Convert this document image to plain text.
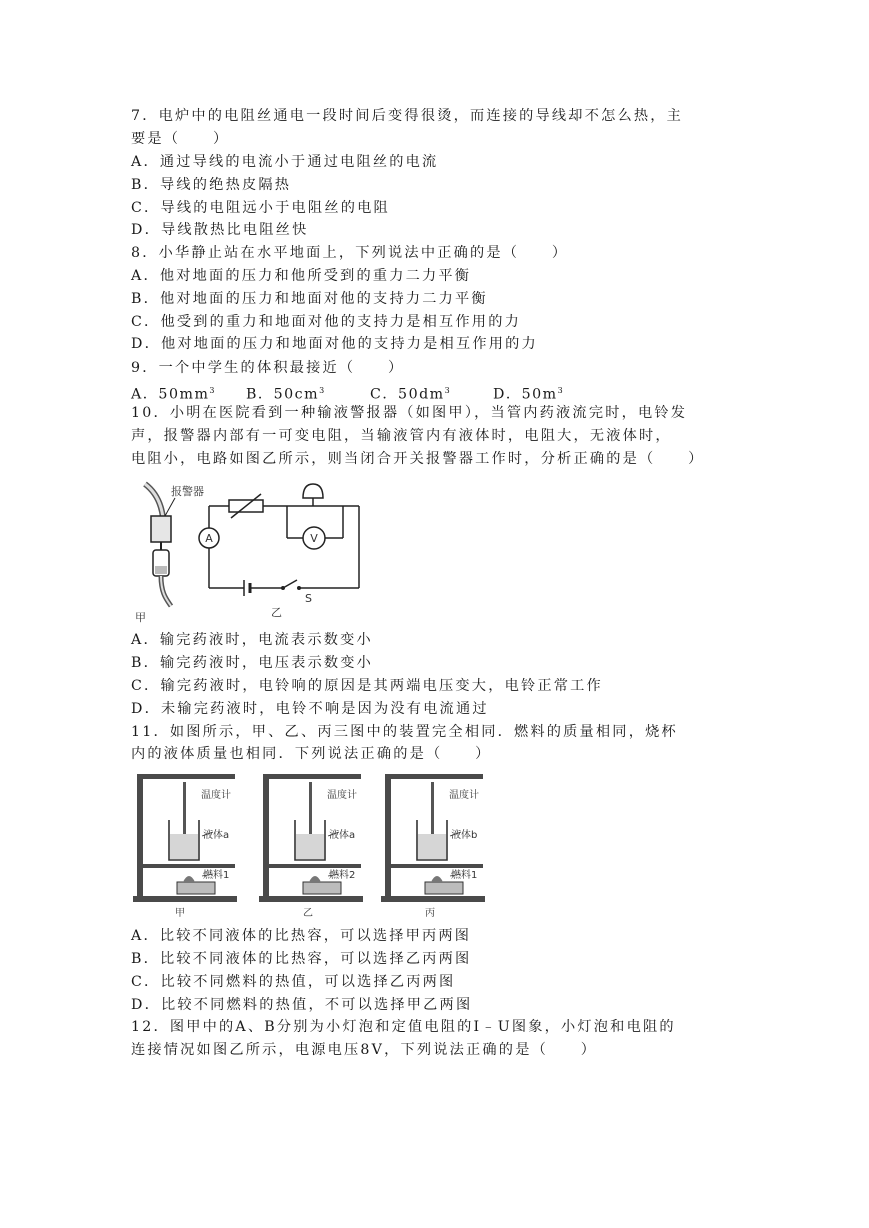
7．电炉中的电阻丝通电一段时间后变得很烫，而连接的导线却不怎么热，主
要是（　　）
A．通过导线的电流小于通过电阻丝的电流
B．导线的绝热皮隔热
C．导线的电阻远小于电阻丝的电阻
D．导线散热比电阻丝快
8．小华静止站在水平地面上，下列说法中正确的是（　　）
A．他对地面的压力和他所受到的重力二力平衡
B．他对地面的压力和地面对他的支持力二力平衡
C．他受到的重力和地面对他的支持力是相互作用的力
D．他对地面的压力和地面对他的支持力是相互作用的力
9．一个中学生的体积最接近（　　）
A．$50mm^3$ B．$50cm^3$	C．$50dm^3$	D．$50m^3$
10．小明在医院看到一种输液警报器（如图甲），当管内药液流完时，电铃发
声，报警器内部有一可变电阻，当输液管内有液体时，电阻大，无液体时，
电阻小，电路如图乙所示，则当闭合开关报警器工作时，分析正确的是（　　）
报警器
甲
V
A
S
乙
A．输完药液时，电流表示数变小
B．输完药液时，电压表示数变小
C．输完药液时，电铃响的原因是其两端电压变大，电铃正常工作
D．未输完药液时，电铃不响是因为没有电流通过
11．如图所示，甲、乙、丙三图中的装置完全相同．燃料的质量相同，烧杯
内的液体质量也相同．下列说法正确的是（　　）
温度计
液体a
燃料1
甲
温度计
液体a
燃料2
乙
温度计
液体b
燃料1
丙
A．比较不同液体的比热容，可以选择甲丙两图
B．比较不同液体的比热容，可以选择乙丙两图
C．比较不同燃料的热值，可以选择乙丙两图
D．比较不同燃料的热值，不可以选择甲乙两图
12．图甲中的A、B分别为小灯泡和定值电阻的I﹣U图象，小灯泡和电阻的
连接情况如图乙所示，电源电压8V，下列说法正确的是（　　）
